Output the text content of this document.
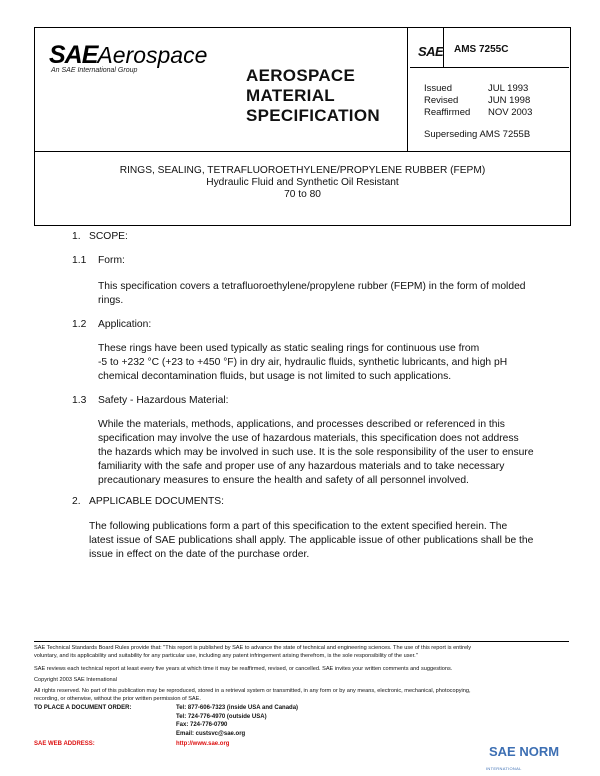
SAEAerospace
An SAE International Group	AEROSPACE
MATERIAL
SPECIFICATION
SAE AMS 7255C
Issued	JUL 1993
Revised	JUN 1998
Reaffirmed	NOV 2003
Superseding AMS 7255B
RINGS, SEALING, TETRAFLUOROETHYLENE/PROPYLENE RUBBER (FEPM)
Hydraulic Fluid and Synthetic Oil Resistant
70 to 80
1. SCOPE:
1.1 Form:
This specification covers a tetrafluoroethylene/propylene rubber (FEPM) in the form of molded
rings.
1.2 Application:
These rings have been used typically as static sealing rings for continuous use from
-5 to +232 °C (+23 to +450 °F) in dry air, hydraulic fluids, synthetic lubricants, and high pH
chemical decontamination fluids, but usage is not limited to such applications.
1.3 Safety - Hazardous Material:
While the materials, methods, applications, and processes described or referenced in this
specification may involve the use of hazardous materials, this specification does not address
the hazards which may be involved in such use. It is the sole responsibility of the user to ensure
familiarity with the safe and proper use of any hazardous materials and to take necessary
precautionary measures to ensure the health and safety of all personnel involved.
2. APPLICABLE DOCUMENTS:
The following publications form a part of this specification to the extent specified herein. The
latest issue of SAE publications shall apply. The applicable issue of other publications shall be the
issue in effect on the date of the purchase order.
SAE Technical Standards Board Rules provide that: "This report is published by SAE to advance the state of technical and engineering sciences. The use of this report is entirely
voluntary, and its applicability and suitability for any particular use, including any patent infringement arising therefrom, is the sole responsibility of the user."
SAE reviews each technical report at least every five years at which time it may be reaffirmed, revised, or cancelled. SAE invites your written comments and suggestions.
Copyright 2003 SAE International
All rights reserved. No part of this publication may be reproduced, stored in a retrieval system or transmitted, in any form or by any means, electronic, mechanical, photocopying,
recording, or otherwise, without the prior written permission of SAE.
TO PLACE A DOCUMENT ORDER:	Tel: 877-606-7323 (inside USA and Canada)
Tel: 724-776-4970 (outside USA)
Fax: 724-776-0790
Email: custsvc@sae.org
SAE WEB ADDRESS:	http://www.sae.org	SAE NORM
INTERNATIONAL
